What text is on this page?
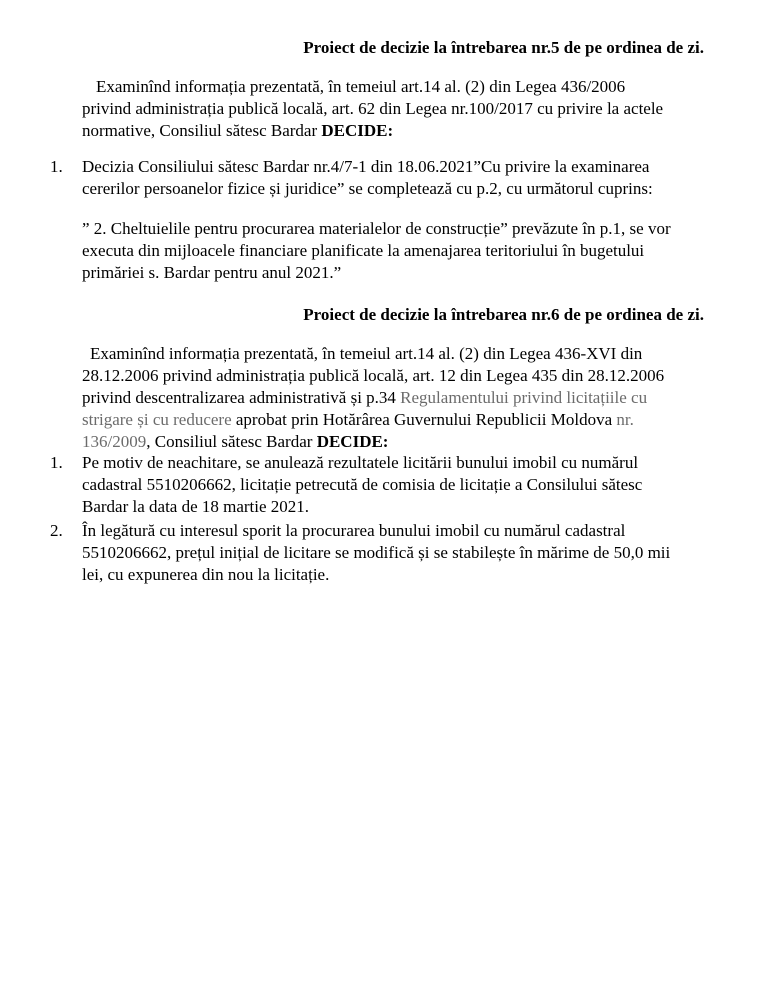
Proiect de decizie la întrebarea nr.5 de pe ordinea de zi.
Examinînd informația prezentată, în temeiul art.14 al. (2) din Legea 436/2006
privind administrația publică locală, art. 62 din Legea nr.100/2017 cu privire la actele
normative, Consiliul sătesc Bardar DECIDE:
1. Decizia Consiliului sătesc Bardar nr.4/7-1 din 18.06.2021”Cu privire la examinarea
cererilor persoanelor fizice și juridice” se completează cu p.2, cu următorul cuprins:
” 2. Cheltuielile pentru procurarea materialelor de construcție” prevăzute în p.1, se vor
executa din mijloacele financiare planificate la amenajarea teritoriului în bugetului
primăriei s. Bardar pentru anul 2021.”
Proiect de decizie la întrebarea nr.6 de pe ordinea de zi.
Examinînd informația prezentată, în temeiul art.14 al. (2) din Legea 436-XVI din
28.12.2006 privind administrația publică locală, art. 12 din Legea 435 din 28.12.2006
privind descentralizarea administrativă și p.34 Regulamentului privind licitațiile cu
strigare și cu reducere aprobat prin Hotărârea Guvernului Republicii Moldova nr.
136/2009, Consiliul sătesc Bardar DECIDE:
1. Pe motiv de neachitare, se anulează rezultatele licitării bunului imobil cu numărul
cadastral 5510206662, licitație petrecută de comisia de licitație a Consilului sătesc
Bardar la data de 18 martie 2021.
2. În legătură cu interesul sporit la procurarea bunului imobil cu numărul cadastral
5510206662, prețul inițial de licitare se modifică și se stabilește în mărime de 50,0 mii
lei, cu expunerea din nou la licitație.
